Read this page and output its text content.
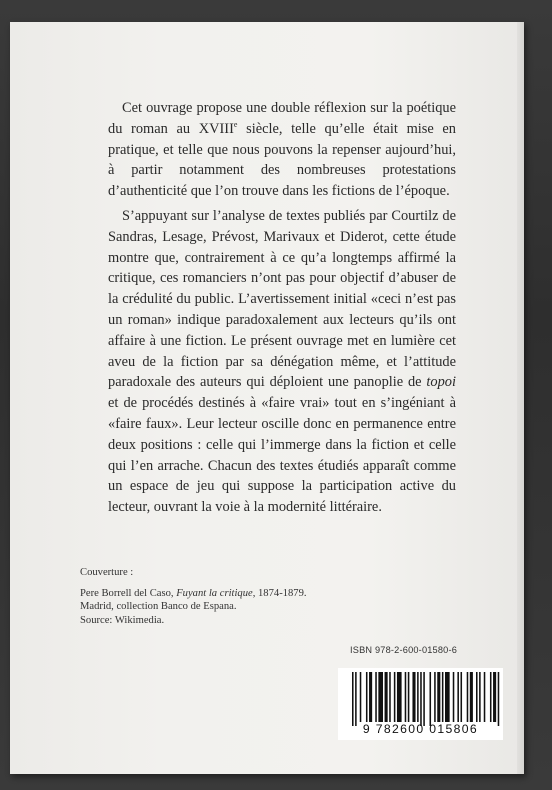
Cet ouvrage propose une double réflexion sur la poétique du roman au XVIIIe siècle, telle qu’elle était mise en pratique, et telle que nous pouvons la repenser aujourd’hui, à partir notamment des nombreuses protestations d’authenticité que l’on trouve dans les fictions de l’époque.

S’appuyant sur l’analyse de textes publiés par Courtilz de Sandras, Lesage, Prévost, Marivaux et Diderot, cette étude montre que, contrairement à ce qu’a longtemps affirmé la critique, ces romanciers n’ont pas pour objectif d’abuser de la crédulité du public. L’avertissement initial «ceci n’est pas un roman» indique paradoxalement aux lecteurs qu’ils ont affaire à une fiction. Le présent ouvrage met en lumière cet aveu de la fiction par sa dénégation même, et l’attitude paradoxale des auteurs qui déploient une panoplie de topoi et de procédés destinés à «faire vrai» tout en s’ingéniant à «faire faux». Leur lecteur oscille donc en permanence entre deux positions : celle qui l’immerge dans la fiction et celle qui l’en arrache. Chacun des textes étudiés apparaît comme un espace de jeu qui suppose la participation active du lecteur, ouvrant la voie à la modernité littéraire.

Couverture :
Pere Borrell del Caso, Fuyant la critique, 1874-1879.
Madrid, collection Banco de Espana.
Source: Wikimedia.
ISBN 978-2-600-01580-6
9 782600 015806
